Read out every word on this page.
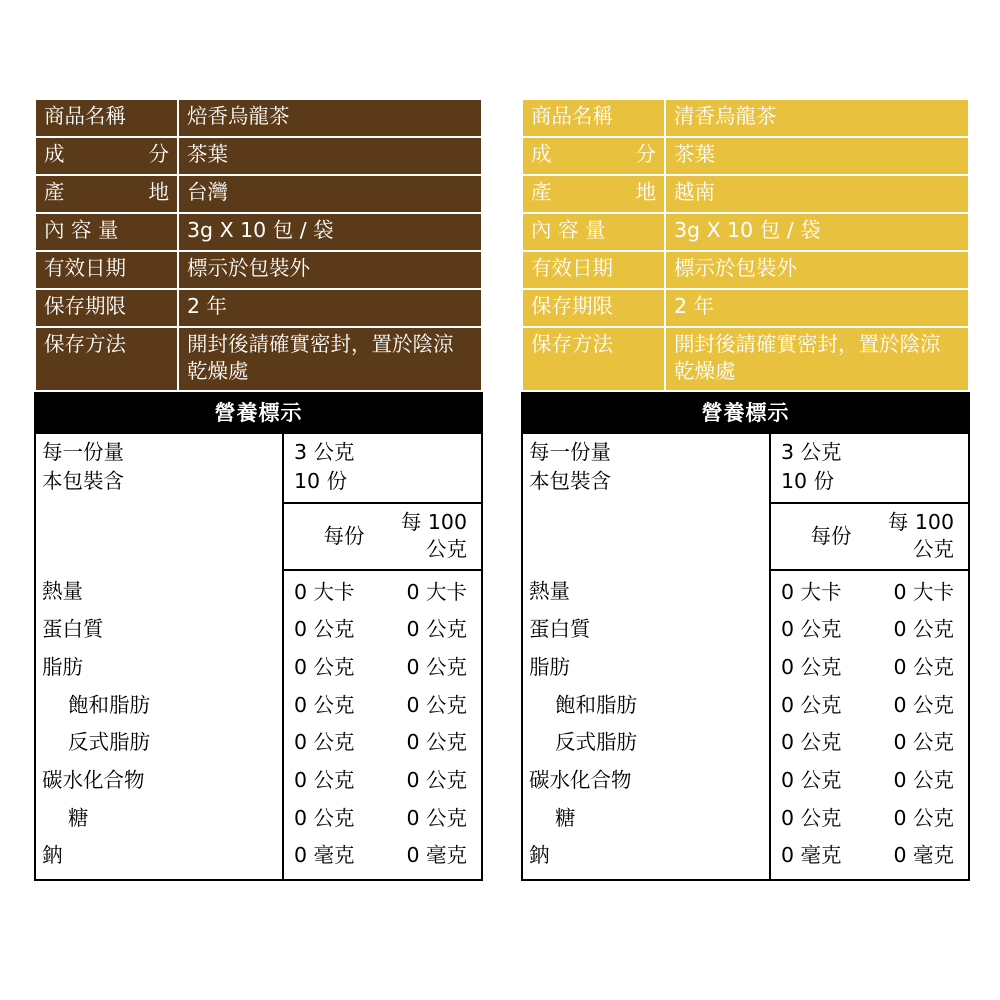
商品名稱	焙香烏龍茶

成 分	茶葉

產 地	台灣
內 容 量	3g X 10 包 / 袋
有效日期	標示於包裝外
保存期限	2 年
保存方法	開封後請確實密封，置於陰涼乾燥處
營養標示
每一份量	3 公克	
本包裝含	10 份	
	每份	每 100 公克
熱量	0 大卡	0 大卡
蛋白質	0 公克	0 公克
脂肪	0 公克	0 公克
飽和脂肪	0 公克	0 公克
反式脂肪	0 公克	0 公克
碳水化合物	0 公克	0 公克
糖	0 公克	0 公克
鈉	0 毫克	0 毫克
商品名稱	清香烏龍茶

成 分	茶葉

產 地	越南
內 容 量	3g X 10 包 / 袋
有效日期	標示於包裝外
保存期限	2 年
保存方法	開封後請確實密封，置於陰涼乾燥處
營養標示
每一份量	3 公克	
本包裝含	10 份	
	每份	每 100 公克
熱量	0 大卡	0 大卡
蛋白質	0 公克	0 公克
脂肪	0 公克	0 公克
飽和脂肪	0 公克	0 公克
反式脂肪	0 公克	0 公克
碳水化合物	0 公克	0 公克
糖	0 公克	0 公克
鈉	0 毫克	0 毫克
